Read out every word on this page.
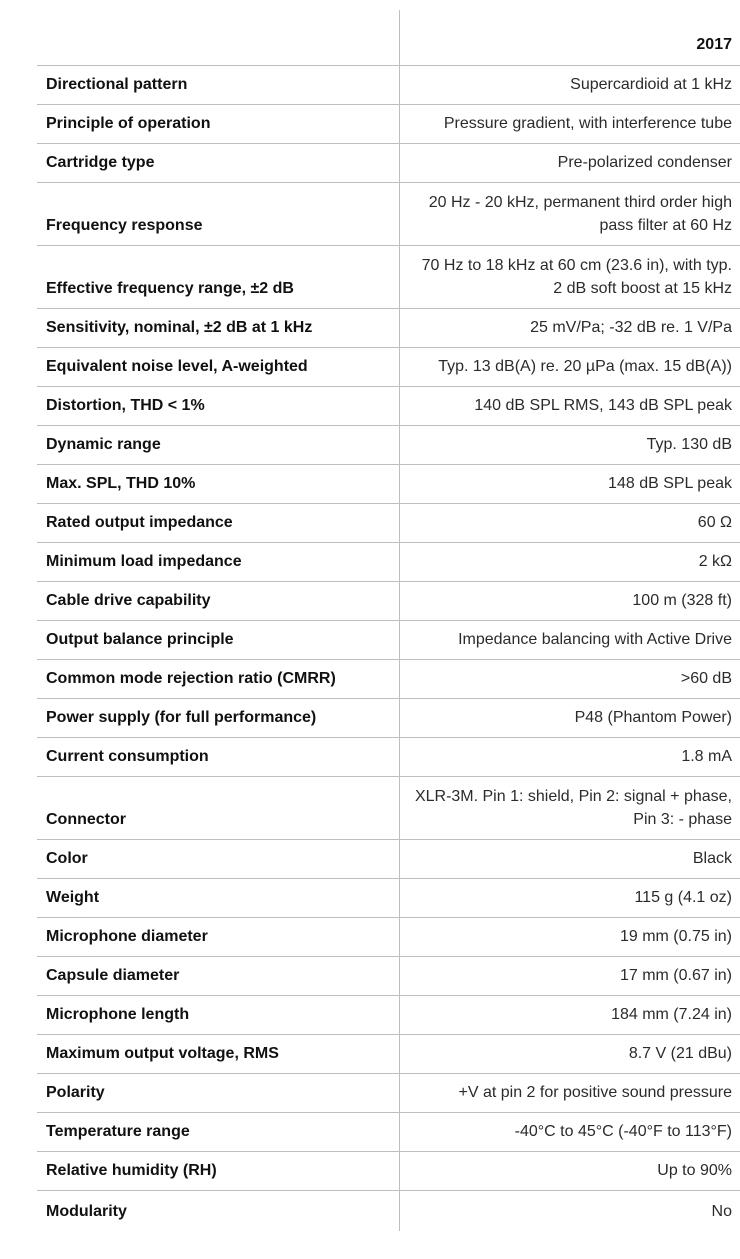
	2017
Directional pattern	Supercardioid at 1 kHz
Principle of operation	Pressure gradient, with interference tube
Cartridge type	Pre-polarized condenser
Frequency response	20 Hz - 20 kHz, permanent third order high pass filter at 60 Hz
Effective frequency range, ±2 dB	70 Hz to 18 kHz at 60 cm (23.6 in), with typ. 2 dB soft boost at 15 kHz
Sensitivity, nominal, ±2 dB at 1 kHz	25 mV/Pa; -32 dB re. 1 V/Pa
Equivalent noise level, A-weighted	Typ. 13 dB(A) re. 20 µPa (max. 15 dB(A))
Distortion, THD < 1%	140 dB SPL RMS, 143 dB SPL peak
Dynamic range	Typ. 130 dB
Max. SPL, THD 10%	148 dB SPL peak
Rated output impedance	60 Ω
Minimum load impedance	2 kΩ
Cable drive capability	100 m (328 ft)
Output balance principle	Impedance balancing with Active Drive
Common mode rejection ratio (CMRR)	>60 dB
Power supply (for full performance)	P48 (Phantom Power)
Current consumption	1.8 mA
Connector	XLR-3M. Pin 1: shield, Pin 2: signal + phase, Pin 3: - phase
Color	Black
Weight	115 g (4.1 oz)
Microphone diameter	19 mm (0.75 in)
Capsule diameter	17 mm (0.67 in)
Microphone length	184 mm (7.24 in)
Maximum output voltage, RMS	8.7 V (21 dBu)
Polarity	+V at pin 2 for positive sound pressure
Temperature range	-40°C to 45°C (-40°F to 113°F)
Relative humidity (RH)	Up to 90%
Modularity	No
